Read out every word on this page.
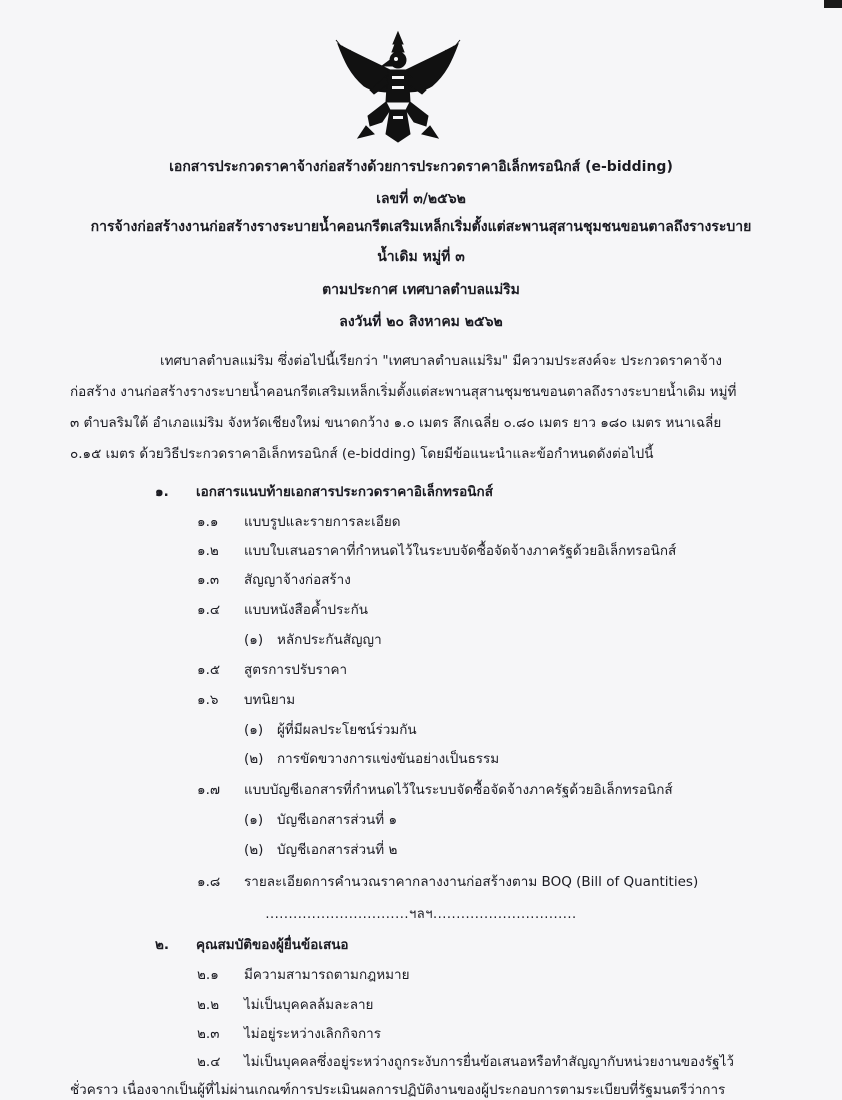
เอกสารประกวดราคาจ้างก่อสร้างด้วยการประกวดราคาอิเล็กทรอนิกส์ (e-bidding)
เลขที่ ๓/๒๕๖๒
การจ้างก่อสร้างงานก่อสร้างรางระบายน้ำคอนกรีตเสริมเหล็กเริ่มตั้งแต่สะพานสุสานชุมชนขอนตาลถึงรางระบาย
น้ำเดิม หมู่ที่ ๓
ตามประกาศ เทศบาลตำบลแม่ริม
ลงวันที่ ๒๐ สิงหาคม ๒๕๖๒
เทศบาลตำบลแม่ริม ซึ่งต่อไปนี้เรียกว่า "เทศบาลตำบลแม่ริม" มีความประสงค์จะ ประกวดราคาจ้าง
ก่อสร้าง งานก่อสร้างรางระบายน้ำคอนกรีตเสริมเหล็กเริ่มตั้งแต่สะพานสุสานชุมชนขอนตาลถึงรางระบายน้ำเดิม หมู่ที่
๓ ตำบลริมใต้ อำเภอแม่ริม จังหวัดเชียงใหม่ ขนาดกว้าง ๑.๐ เมตร ลึกเฉลี่ย ๐.๘๐ เมตร ยาว ๑๘๐ เมตร หนาเฉลี่ย
๐.๑๕ เมตร ด้วยวิธีประกวดราคาอิเล็กทรอนิกส์ (e-bidding) โดยมีข้อแนะนำและข้อกำหนดดังต่อไปนี้
๑. เอกสารแนบท้ายเอกสารประกวดราคาอิเล็กทรอนิกส์
๑.๑ แบบรูปและรายการละเอียด
๑.๒ แบบใบเสนอราคาที่กำหนดไว้ในระบบจัดซื้อจัดจ้างภาครัฐด้วยอิเล็กทรอนิกส์
๑.๓ สัญญาจ้างก่อสร้าง
๑.๔ แบบหนังสือค้ำประกัน
(๑) หลักประกันสัญญา
๑.๕ สูตรการปรับราคา
๑.๖ บทนิยาม
(๑) ผู้ที่มีผลประโยชน์ร่วมกัน
(๒) การขัดขวางการแข่งขันอย่างเป็นธรรม
๑.๗ แบบบัญชีเอกสารที่กำหนดไว้ในระบบจัดซื้อจัดจ้างภาครัฐด้วยอิเล็กทรอนิกส์
(๑) บัญชีเอกสารส่วนที่ ๑
(๒) บัญชีเอกสารส่วนที่ ๒
๑.๘ รายละเอียดการคำนวณราคากลางงานก่อสร้างตาม BOQ (Bill of Quantities)
...............................ฯลฯ...............................
๒. คุณสมบัติของผู้ยื่นข้อเสนอ
๒.๑ มีความสามารถตามกฎหมาย
๒.๒ ไม่เป็นบุคคลล้มละลาย
๒.๓ ไม่อยู่ระหว่างเลิกกิจการ
๒.๔ ไม่เป็นบุคคลซึ่งอยู่ระหว่างถูกระงับการยื่นข้อเสนอหรือทำสัญญากับหน่วยงานของรัฐไว้
ชั่วคราว เนื่องจากเป็นผู้ที่ไม่ผ่านเกณฑ์การประเมินผลการปฏิบัติงานของผู้ประกอบการตามระเบียบที่รัฐมนตรีว่าการ
